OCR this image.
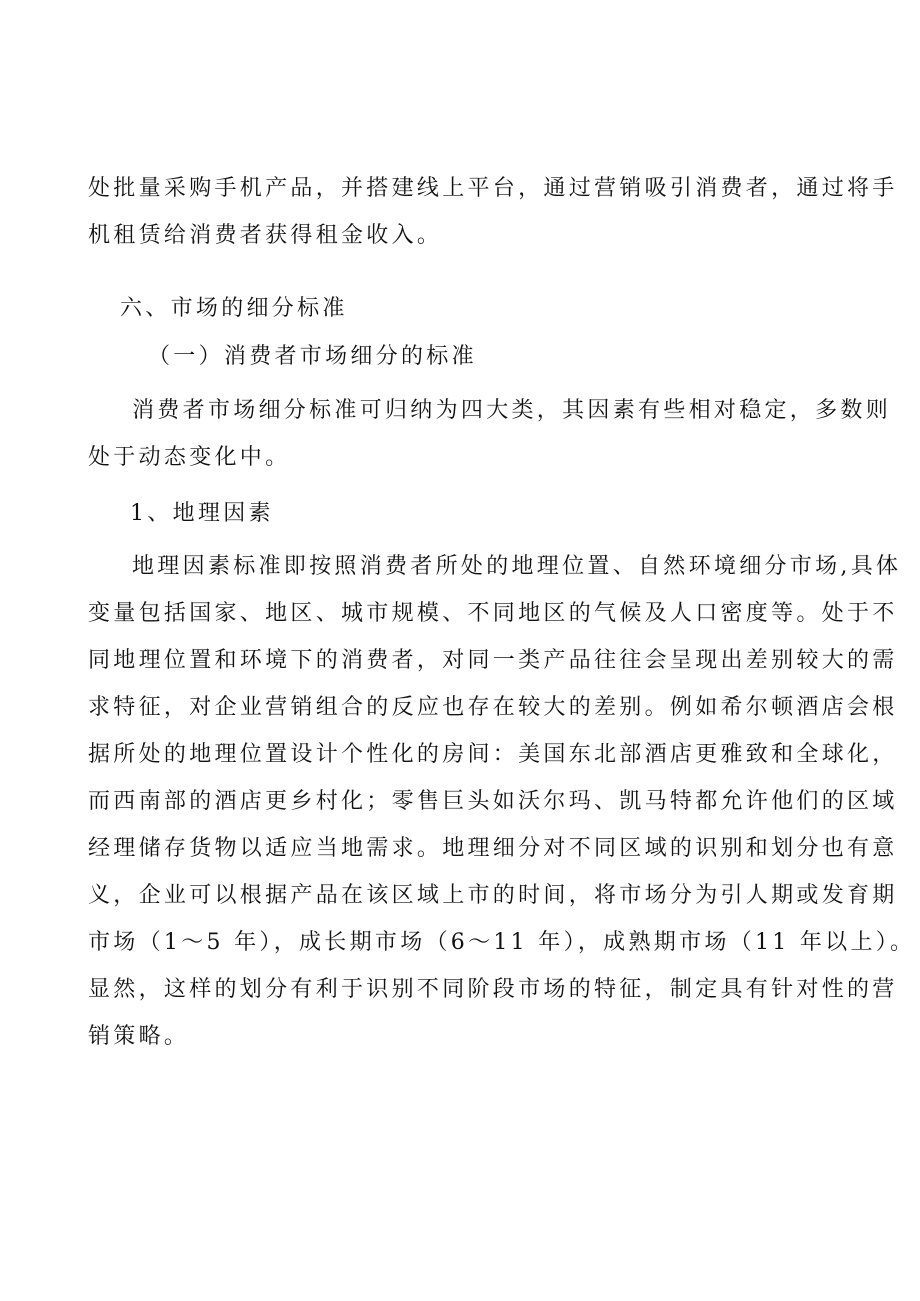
处批量采购手机产品，并搭建线上平台，通过营销吸引消费者，通过将手
机租赁给消费者获得租金收入。

六、市场的细分标准
（一）消费者市场细分的标准

消费者市场细分标准可归纳为四大类，其因素有些相对稳定，多数则
处于动态变化中。

1、地理因素

地理因素标准即按照消费者所处的地理位置、自然环境细分市场,具体
变量包括国家、地区、城市规模、不同地区的气候及人口密度等。处于不
同地理位置和环境下的消费者，对同一类产品往往会呈现出差别较大的需
求特征，对企业营销组合的反应也存在较大的差别。例如希尔顿酒店会根
据所处的地理位置设计个性化的房间：美国东北部酒店更雅致和全球化，
而西南部的酒店更乡村化；零售巨头如沃尔玛、凯马特都允许他们的区域
经理储存货物以适应当地需求。地理细分对不同区域的识别和划分也有意
义，企业可以根据产品在该区域上市的时间，将市场分为引人期或发育期
市场（1～5 年），成长期市场（6～11 年），成熟期市场（11 年以上）。
显然，这样的划分有利于识别不同阶段市场的特征，制定具有针对性的营
销策略。
